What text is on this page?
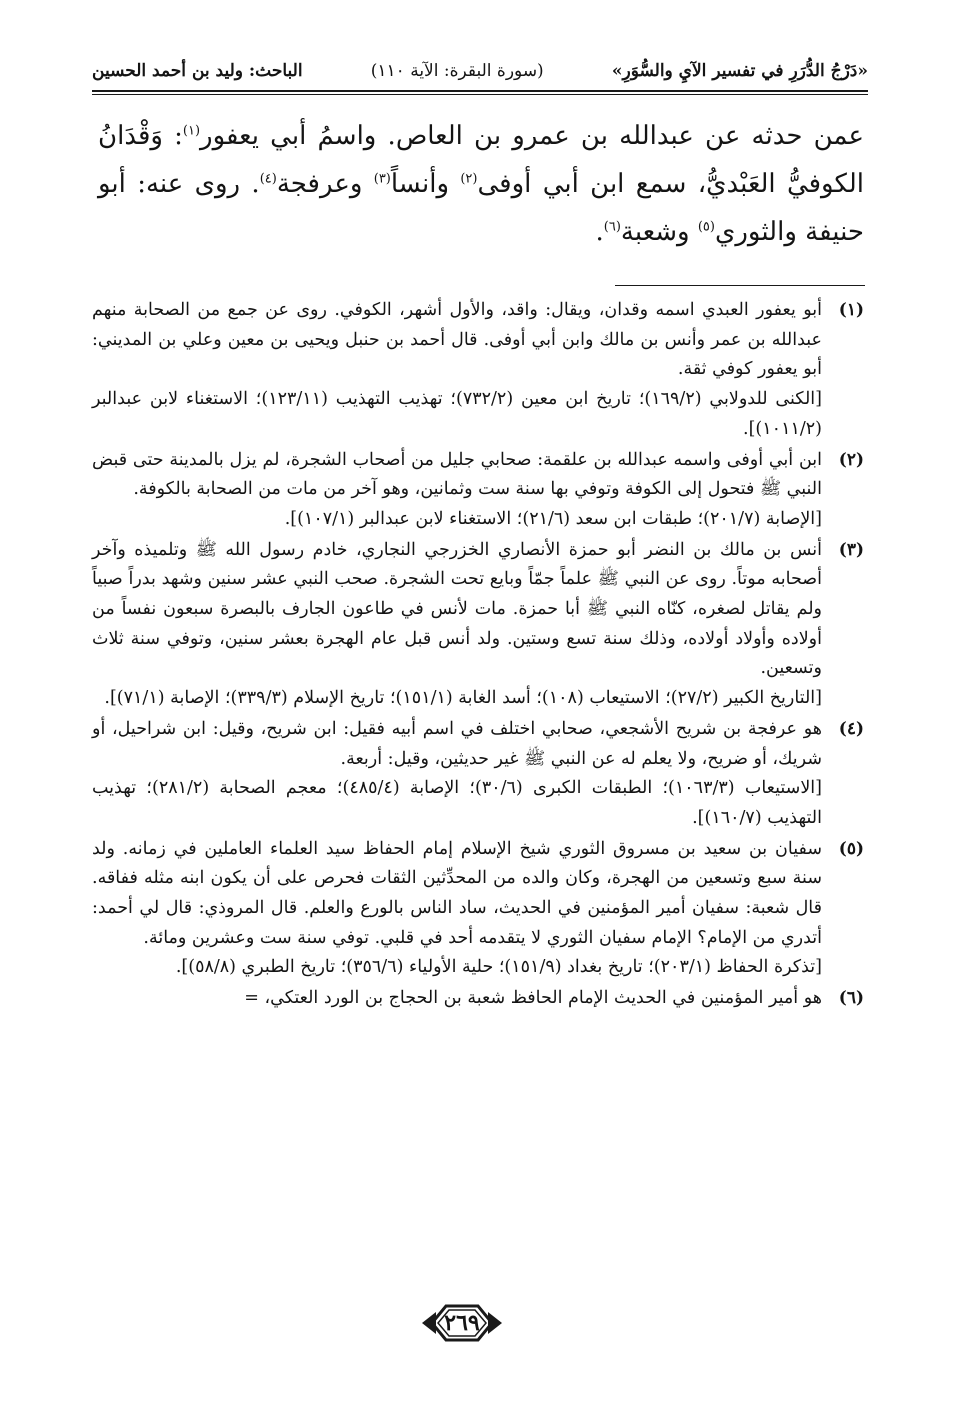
«دَرْجُ الدُّرَرِ في تفسير الآيِ والسُّوَرِ»
(سورة البقرة: الآية ١١٠)
الباحث: وليد بن أحمد الحسين

عمن حدثه عن عبدالله بن عمرو بن العاص. واسمُ أبي يعفور$^{(١)}$: وَقْدَانُ الكوفيُّ العَبْديُّ، سمع ابن أبي أوفى$^{(٢)}$ وأنساً$^{(٣)}$ وعرفجة$^{(٤)}$. روى عنه: أبو حنيفة والثوري$^{(٥)}$ وشعبة$^{(٦)}$.

(١)

أبو يعفور العبدي اسمه وقدان، ويقال: واقد، والأول أشهر، الكوفي. روى عن جمع من الصحابة منهم عبدالله بن عمر وأنس بن مالك وابن أبي أوفى. قال أحمد بن حنبل ويحيى بن معين وعلي بن المديني: أبو يعفور كوفي ثقة.

[الكنى للدولابي (١٦٩/٢)؛ تاريخ ابن معين (٧٣٢/٢)؛ تهذيب التهذيب (١٢٣/١١)؛ الاستغناء لابن عبدالبر (١٠١١/٢)].

(٢)

ابن أبي أوفى واسمه عبدالله بن علقمة: صحابي جليل من أصحاب الشجرة، لم يزل بالمدينة حتى قبض النبي ﷺ فتحول إلى الكوفة وتوفي بها سنة ست وثمانين، وهو آخر من مات من الصحابة بالكوفة.

[الإصابة (٢٠١/٧)؛ طبقات ابن سعد (٢١/٦)؛ الاستغناء لابن عبدالبر (١٠٧/١)].

(٣)

أنس بن مالك بن النضر أبو حمزة الأنصاري الخزرجي النجاري، خادم رسول الله ﷺ وتلميذه وآخر أصحابه موتاً. روى عن النبي ﷺ علماً جمّاً وبايع تحت الشجرة. صحب النبي عشر سنين وشهد بدراً صبياً ولم يقاتل لصغره، كنّاه النبي ﷺ أبا حمزة. مات لأنس في طاعون الجارف بالبصرة سبعون نفساً من أولاده وأولاد أولاده، وذلك سنة تسع وستين. ولد أنس قبل عام الهجرة بعشر سنين، وتوفي سنة ثلاث وتسعين.

[التاريخ الكبير (٢٧/٢)؛ الاستيعاب (١٠٨)؛ أسد الغابة (١٥١/١)؛ تاريخ الإسلام (٣٣٩/٣)؛ الإصابة (٧١/١)].

(٤)

هو عرفجة بن شريح الأشجعي، صحابي اختلف في اسم أبيه فقيل: ابن شريح، وقيل: ابن شراحيل، أو شريك، أو ضريح، ولا يعلم له عن النبي ﷺ غير حديثين، وقيل: أربعة.

[الاستيعاب (١٠٦٣/٣)؛ الطبقات الكبرى (٣٠/٦)؛ الإصابة (٤٨٥/٤)؛ معجم الصحابة (٢٨١/٢)؛ تهذيب التهذيب (١٦٠/٧)].

(٥)

سفيان بن سعيد بن مسروق الثوري شيخ الإسلام إمام الحفاظ سيد العلماء العاملين في زمانه. ولد سنة سبع وتسعين من الهجرة، وكان والده من المحدِّثين الثقات فحرص على أن يكون ابنه مثله ففاقه. قال شعبة: سفيان أمير المؤمنين في الحديث، ساد الناس بالورع والعلم. قال المروذي: قال لي أحمد: أتدري من الإمام؟ الإمام سفيان الثوري لا يتقدمه أحد في قلبي. توفي سنة ست وعشرين ومائة.

[تذكرة الحفاظ (٢٠٣/١)؛ تاريخ بغداد (١٥١/٩)؛ حلية الأولياء (٣٥٦/٦)؛ تاريخ الطبري (٥٨/٨)].

(٦)

هو أمير المؤمنين في الحديث الإمام الحافظ شعبة بن الحجاج بن الورد العتكي، =

٢٦٩
